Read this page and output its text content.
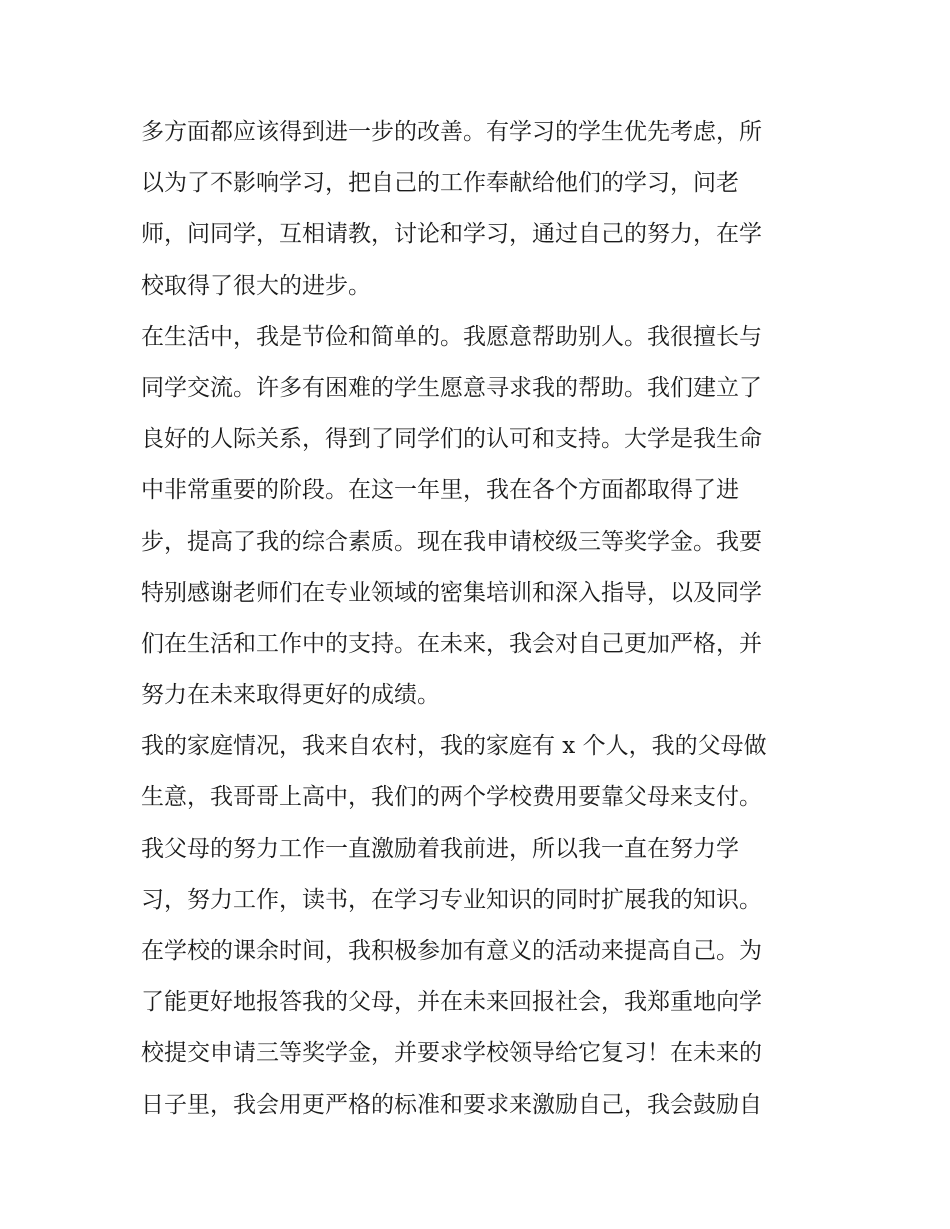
多方面都应该得到进一步的改善。有学习的学生优先考虑，所
以为了不影响学习，把自己的工作奉献给他们的学习，问老
师，问同学，互相请教，讨论和学习，通过自己的努力，在学
校取得了很大的进步。
在生活中，我是节俭和简单的。我愿意帮助别人。我很擅长与
同学交流。许多有困难的学生愿意寻求我的帮助。我们建立了
良好的人际关系，得到了同学们的认可和支持。大学是我生命
中非常重要的阶段。在这一年里，我在各个方面都取得了进
步，提高了我的综合素质。现在我申请校级三等奖学金。我要
特别感谢老师们在专业领域的密集培训和深入指导，以及同学
们在生活和工作中的支持。在未来，我会对自己更加严格，并
努力在未来取得更好的成绩。
我的家庭情况，我来自农村，我的家庭有 x 个人，我的父母做
生意，我哥哥上高中，我们的两个学校费用要靠父母来支付。
我父母的努力工作一直激励着我前进，所以我一直在努力学
习，努力工作，读书，在学习专业知识的同时扩展我的知识。
在学校的课余时间，我积极参加有意义的活动来提高自己。为
了能更好地报答我的父母，并在未来回报社会，我郑重地向学
校提交申请三等奖学金，并要求学校领导给它复习！在未来的
日子里，我会用更严格的标准和要求来激励自己，我会鼓励自
